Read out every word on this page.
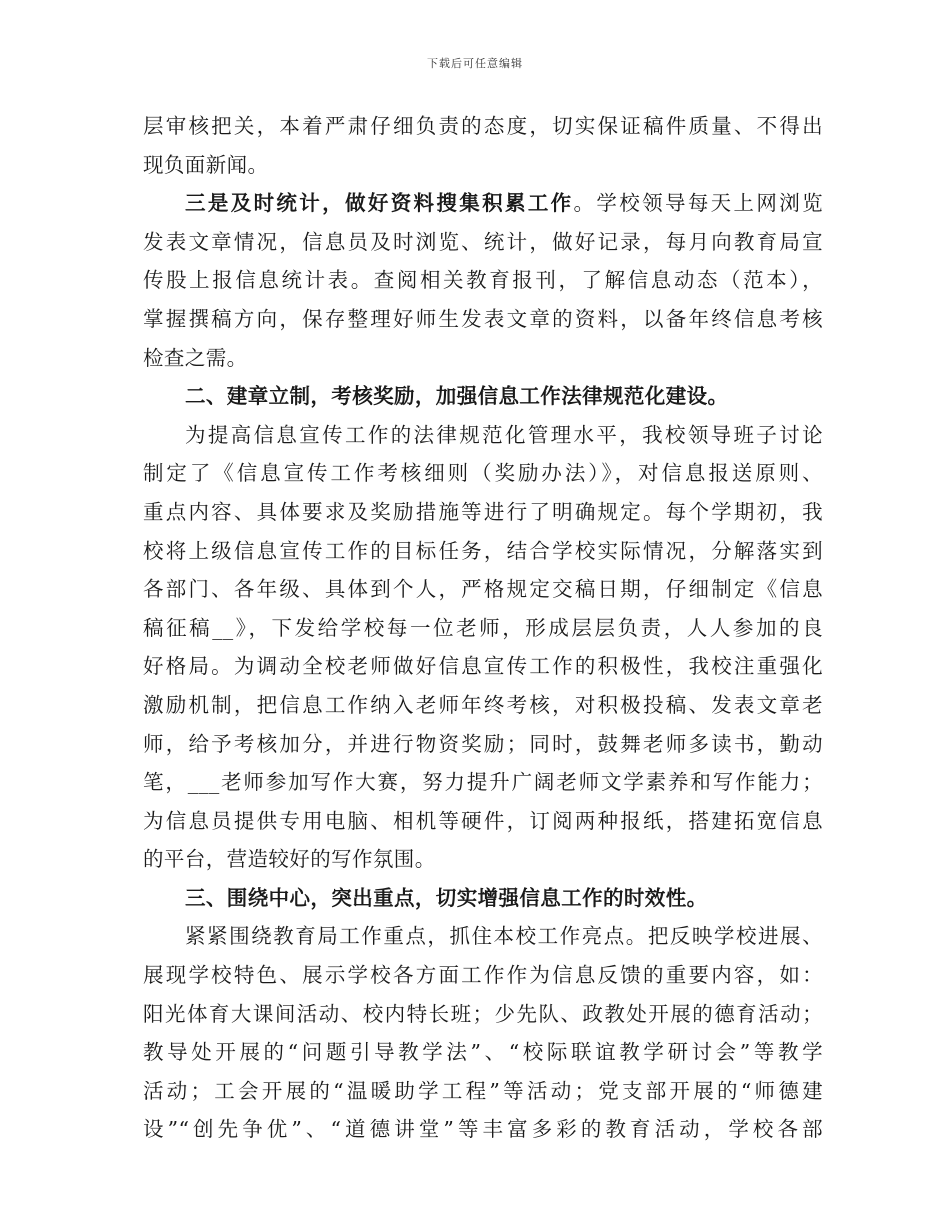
下载后可任意编辑
层审核把关，本着严肃仔细负责的态度，切实保证稿件质量、不得出
现负面新闻。
三是及时统计，做好资料搜集积累工作。学校领导每天上网浏览
发表文章情况，信息员及时浏览、统计，做好记录，每月向教育局宣
传股上报信息统计表。查阅相关教育报刊，了解信息动态（范本），
掌握撰稿方向，保存整理好师生发表文章的资料，以备年终信息考核
检查之需。
二、建章立制，考核奖励，加强信息工作法律规范化建设。
为提高信息宣传工作的法律规范化管理水平，我校领导班子讨论
制定了《信息宣传工作考核细则（奖励办法）》，对信息报送原则、
重点内容、具体要求及奖励措施等进行了明确规定。每个学期初，我
校将上级信息宣传工作的目标任务，结合学校实际情况，分解落实到
各部门、各年级、具体到个人，严格规定交稿日期，仔细制定《信息
稿征稿__》，下发给学校每一位老师，形成层层负责，人人参加的良
好格局。为调动全校老师做好信息宣传工作的积极性，我校注重强化
激励机制，把信息工作纳入老师年终考核，对积极投稿、发表文章老
师，给予考核加分，并进行物资奖励；同时，鼓舞老师多读书，勤动
笔，___老师参加写作大赛，努力提升广阔老师文学素养和写作能力；
为信息员提供专用电脑、相机等硬件，订阅两种报纸，搭建拓宽信息
的平台，营造较好的写作氛围。
三、围绕中心，突出重点，切实增强信息工作的时效性。
紧紧围绕教育局工作重点，抓住本校工作亮点。把反映学校进展、
展现学校特色、展示学校各方面工作作为信息反馈的重要内容，如：
阳光体育大课间活动、校内特长班；少先队、政教处开展的德育活动；
教导处开展的“问题引导教学法”、“校际联谊教学研讨会”等教学
活动；工会开展的“温暖助学工程”等活动；党支部开展的“师德建
设”“创先争优”、“道德讲堂”等丰富多彩的教育活动，学校各部
